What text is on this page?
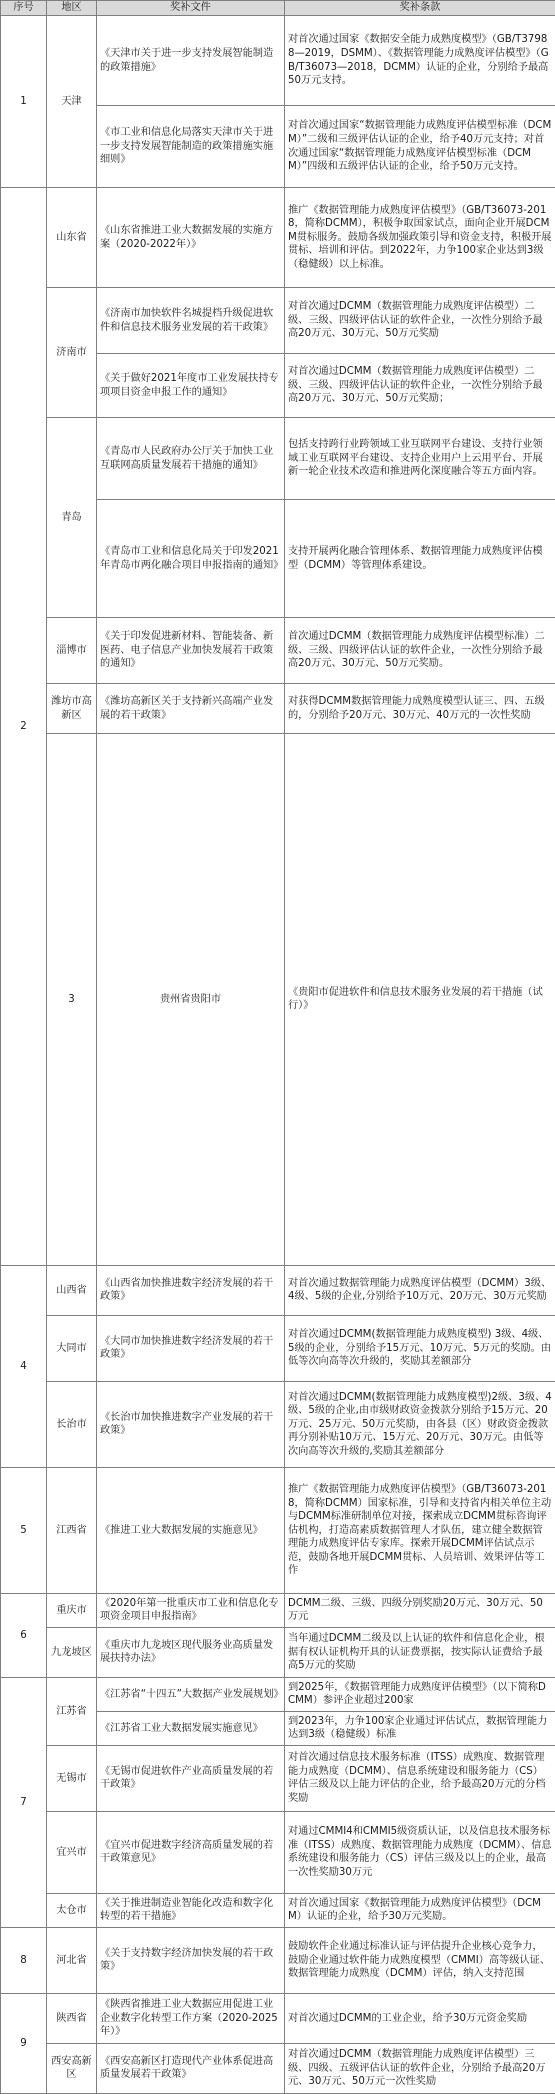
序号	地区	奖补文件	奖补条款	
1	天津	《天津市关于进一步支持发展智能制造的政策措施》	对首次通过国家《数据安全能力成熟度模型》（GB/T37988—2019，DSMM）、《数据管理能力成熟度评估模型》（GB/T36073—2018，DCMM）认证的企业，分别给予最高50万元支持。	
		《市工业和信息化局落实天津市关于进一步支持发展智能制造的政策措施实施细则》	对首次通过国家“数据管理能力成熟度评估模型标准（DCMM）”二级和三级评估认证的企业，给予40万元支持；对首次通过国家“数据管理能力成熟度评估模型标准（DCMM）”四级和五级评估认证的企业，给予50万元支持。	
2	山东省	《山东省推进工业大数据发展的实施方案（2020-2022年）》	推广《数据管理能力成熟度评估模型》（GB/T36073-2018，简称DCMM），积极争取国家试点，面向企业开展DCMM贯标服务。鼓励各级加强政策引导和资金支持，积极开展贯标、培训和评估。到2022年，力争100家企业达到3级（稳健级）以上标准。	
	济南市	《济南市加快软件名城提档升级促进软件和信息技术服务业发展的若干政策》	对首次通过DCMM（数据管理能力成熟度评估模型）二级、三级、四级评估认证的软件企业，一次性分别给予最高20万元、30万元、50万元奖励	
		《关于做好2021年度市工业发展扶持专项项目资金申报工作的通知》	对首次通过DCMM（数据管理能力成熟度评估模型）二级、三级、四级评估认证的软件企业，一次性分别给予最高20万元、30万元、50万元奖励；	
	青岛	《青岛市人民政府办公厅关于加快工业互联网高质量发展若干措施的通知》	包括支持跨行业跨领域工业互联网平台建设、支持行业领域工业互联网平台建设、支持企业用户上云用平台、开展新一轮企业技术改造和推进两化深度融合等五方面内容。	
		《青岛市工业和信息化局关于印发2021年青岛市两化融合项目申报指南的通知》	支持开展两化融合管理体系、数据管理能力成熟度评估模型（DCMM）等管理体系建设。	
	淄博市	《关于印发促进新材料、智能装备、新医药、电子信息产业加快发展若干政策的通知》	首次通过DCMM（数据管理能力成熟度评估模型标准）二级、三级、四级评估认证的软件企业，一次性分别给予最高20万元、30万元、50万元奖励。	
	潍坊市高新区	《潍坊高新区关于支持新兴高端产业发展的若干政策》	对获得DCMM数据管理能力成熟度模型认证三、四、五级的，分别给予20万元、30万元、40万元的一次性奖励	
	3	贵州省贵阳市	《贵阳市促进软件和信息技术服务业发展的若干措施（试行）》	
4	山西省	《山西省加快推进数字经济发展的若干政策》	对首次通过数据管理能力成熟度评估模型（DCMM）3级、4级、5级的企业,分别给予10万元、20万元、30万元奖励	
	大同市	《大同市加快推进数字经济发展的若干政策》	对首次通过DCMM(数据管理能力成熟度模型) 3级、4级、5级的企业，分别给予15万元、10万元、5万元的奖励。由低等次向高等次升级的，奖励其差额部分	
	长治市	《长治市加快推进数字产业发展的若干政策》	对首次通过DCMM(数据管理能力成熟度模型)2级、3级、4级、5级的企业,由市级财政资金拨款分别给予15万元、20万元、25万元、50万元奖励，由各县（区）财政资金拨款再分别补贴10万元、15万元、20万元、30万元。由低等次向高等次升级的,奖励其差额部分	
5	江西省	《推进工业大数据发展的实施意见》	推广《数据管理能力成熟度评估模型》（GB/T36073-2018，简称DCMM）国家标准，引导和支持省内相关单位主动与DCMM标准研制单位对接，探索成立DCMM贯标咨询评估机构，打造高素质数据管理人才队伍，建立健全数据管理能力成熟度评估专家库。探索开展DCMM评估试点示范，鼓励各地开展DCMM贯标、人员培训、效果评估等工作	
6	重庆市	《2020年第一批重庆市工业和信息化专项资金项目申报指南》	DCMM二级、三级、四级分别奖励20万元、30万元、50万元	
	九龙坡区	《重庆市九龙坡区现代服务业高质量发展扶持办法》	当年通过DCMM二级及以上认证的软件和信息化企业，根据有权认证机构开具的认证费票据，按实际认证费给予最高5万元的奖励	
7	江苏省	《江苏省“十四五”大数据产业发展规划》	到2025年，《数据管理能力成熟度评估模型》（以下简称DCMM）参评企业超过200家	
		《江苏省工业大数据发展实施意见》	到2023年，力争100家企业通过评估试点，数据管理能力达到3级（稳健级）标准	
	无锡市	《无锡市促进软件产业高质量发展的若干政策》	对首次通过信息技术服务标准（ITSS）成熟度、数据管理能力成熟度（DCMM）、信息系统建设和服务能力（CS）评估三级及以上能力评估的企业，给予最高20万元的分档奖励	
	宜兴市	《宜兴市促进数字经济高质量发展的若干政策意见》	对通过CMMI4和CMMI5级资质认证，以及信息技术服务标准（ITSS）成熟度、数据管理能力成熟度（DCMM）、信息系统建设和服务能力（CS）评估三级及以上的企业，最高一次性奖励30万元	
	太仓市	《关于推进制造业智能化改造和数字化转型的若干措施》	对首次通过国家《数据管理能力成熟度评估模型》（DCMM）认证的企业，给予30万元奖励。	
8	河北省	《关于支持数字经济加快发展的若干政策》	鼓励软件企业通过标准认证与评估提升企业核心竞争力，鼓励企业通过软件能力成熟度模型（CMMI）高等级认证、数据管理能力成熟度（DCMM）评估，纳入支持范围	
9	陕西省	《陕西省推进工业大数据应用促进工业企业数字化转型工作方案（2020-2025年）》	对首次通过DCMM的工业企业，给予30万元资金奖励	
	西安高新区	《西安高新区打造现代产业体系促进高质量发展若干政策》	对首次通过DCMM（数据管理能力成熟度评估模型）三级、四级、五级评估认证的软件企业，分别给予最高20万元、30万元、50万元一次性奖励	
